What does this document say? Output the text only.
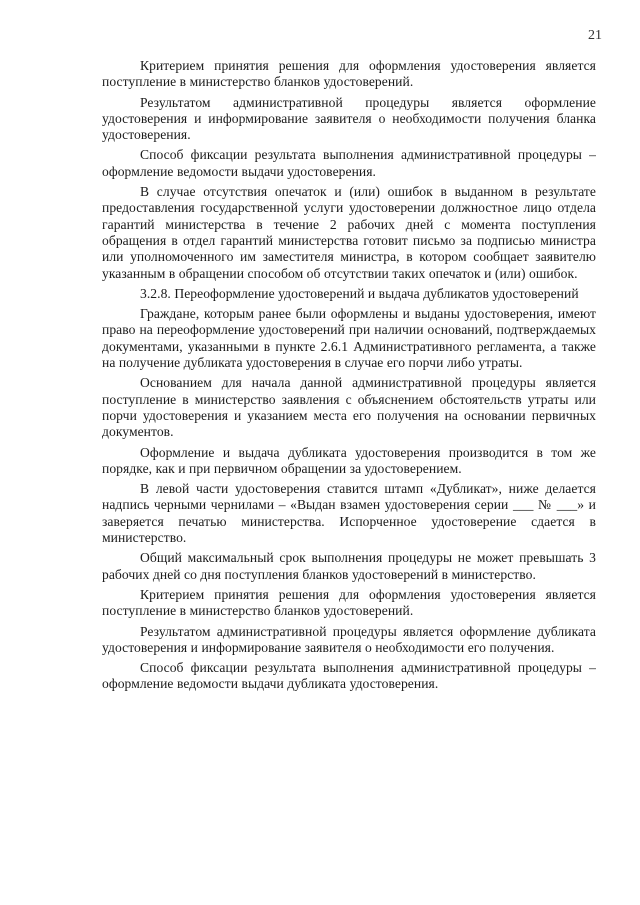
21

Критерием принятия решения для оформления удостоверения является поступление в министерство бланков удостоверений.

Результатом административной процедуры является оформление удостоверения и информирование заявителя о необходимости получения бланка удостоверения.

Способ фиксации результата выполнения административной процедуры – оформление ведомости выдачи удостоверения.

В случае отсутствия опечаток и (или) ошибок в выданном в результате предоставления государственной услуги удостоверении должностное лицо отдела гарантий министерства в течение 2 рабочих дней с момента поступления обращения в отдел гарантий министерства готовит письмо за подписью министра или уполномоченного им заместителя министра, в котором сообщает заявителю указанным в обращении способом об отсутствии таких опечаток и (или) ошибок.

3.2.8. Переоформление удостоверений и выдача дубликатов удостоверений

Граждане, которым ранее были оформлены и выданы удостоверения, имеют право на переоформление удостоверений при наличии оснований, подтверждаемых документами, указанными в пункте 2.6.1 Административного регламента, а также на получение дубликата удостоверения в случае его порчи либо утраты.

Основанием для начала данной административной процедуры является поступление в министерство заявления с объяснением обстоятельств утраты или порчи удостоверения и указанием места его получения на основании первичных документов.

Оформление и выдача дубликата удостоверения производится в том же порядке, как и при первичном обращении за удостоверением.

В левой части удостоверения ставится штамп «Дубликат», ниже делается надпись черными чернилами – «Выдан взамен удостоверения серии ___ № ___» и заверяется печатью министерства. Испорченное удостоверение сдается в министерство.

Общий максимальный срок выполнения процедуры не может превышать 3 рабочих дней со дня поступления бланков удостоверений в министерство.

Критерием принятия решения для оформления удостоверения является поступление в министерство бланков удостоверений.

Результатом административной процедуры является оформление дубликата удостоверения и информирование заявителя о необходимости его получения.

Способ фиксации результата выполнения административной процедуры – оформление ведомости выдачи дубликата удостоверения.
